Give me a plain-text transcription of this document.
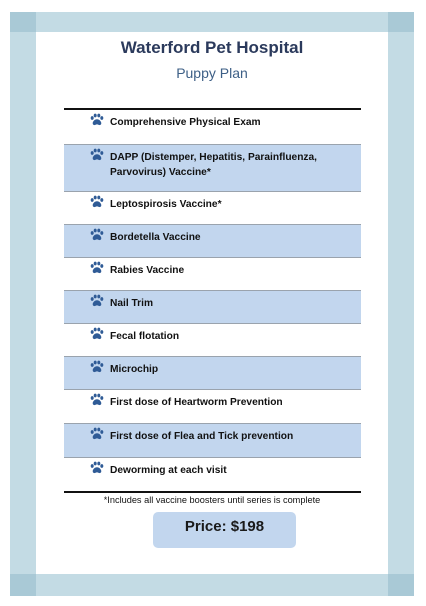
Waterford Pet Hospital
Puppy Plan
Comprehensive Physical Exam
DAPP (Distemper, Hepatitis, Parainfluenza, Parvovirus) Vaccine*
Leptospirosis Vaccine*
Bordetella Vaccine
Rabies Vaccine
Nail Trim
Fecal flotation
Microchip
First dose of Heartworm Prevention
First dose of Flea and Tick prevention
Deworming at each visit
*Includes all vaccine boosters until series is complete
Price: $198
